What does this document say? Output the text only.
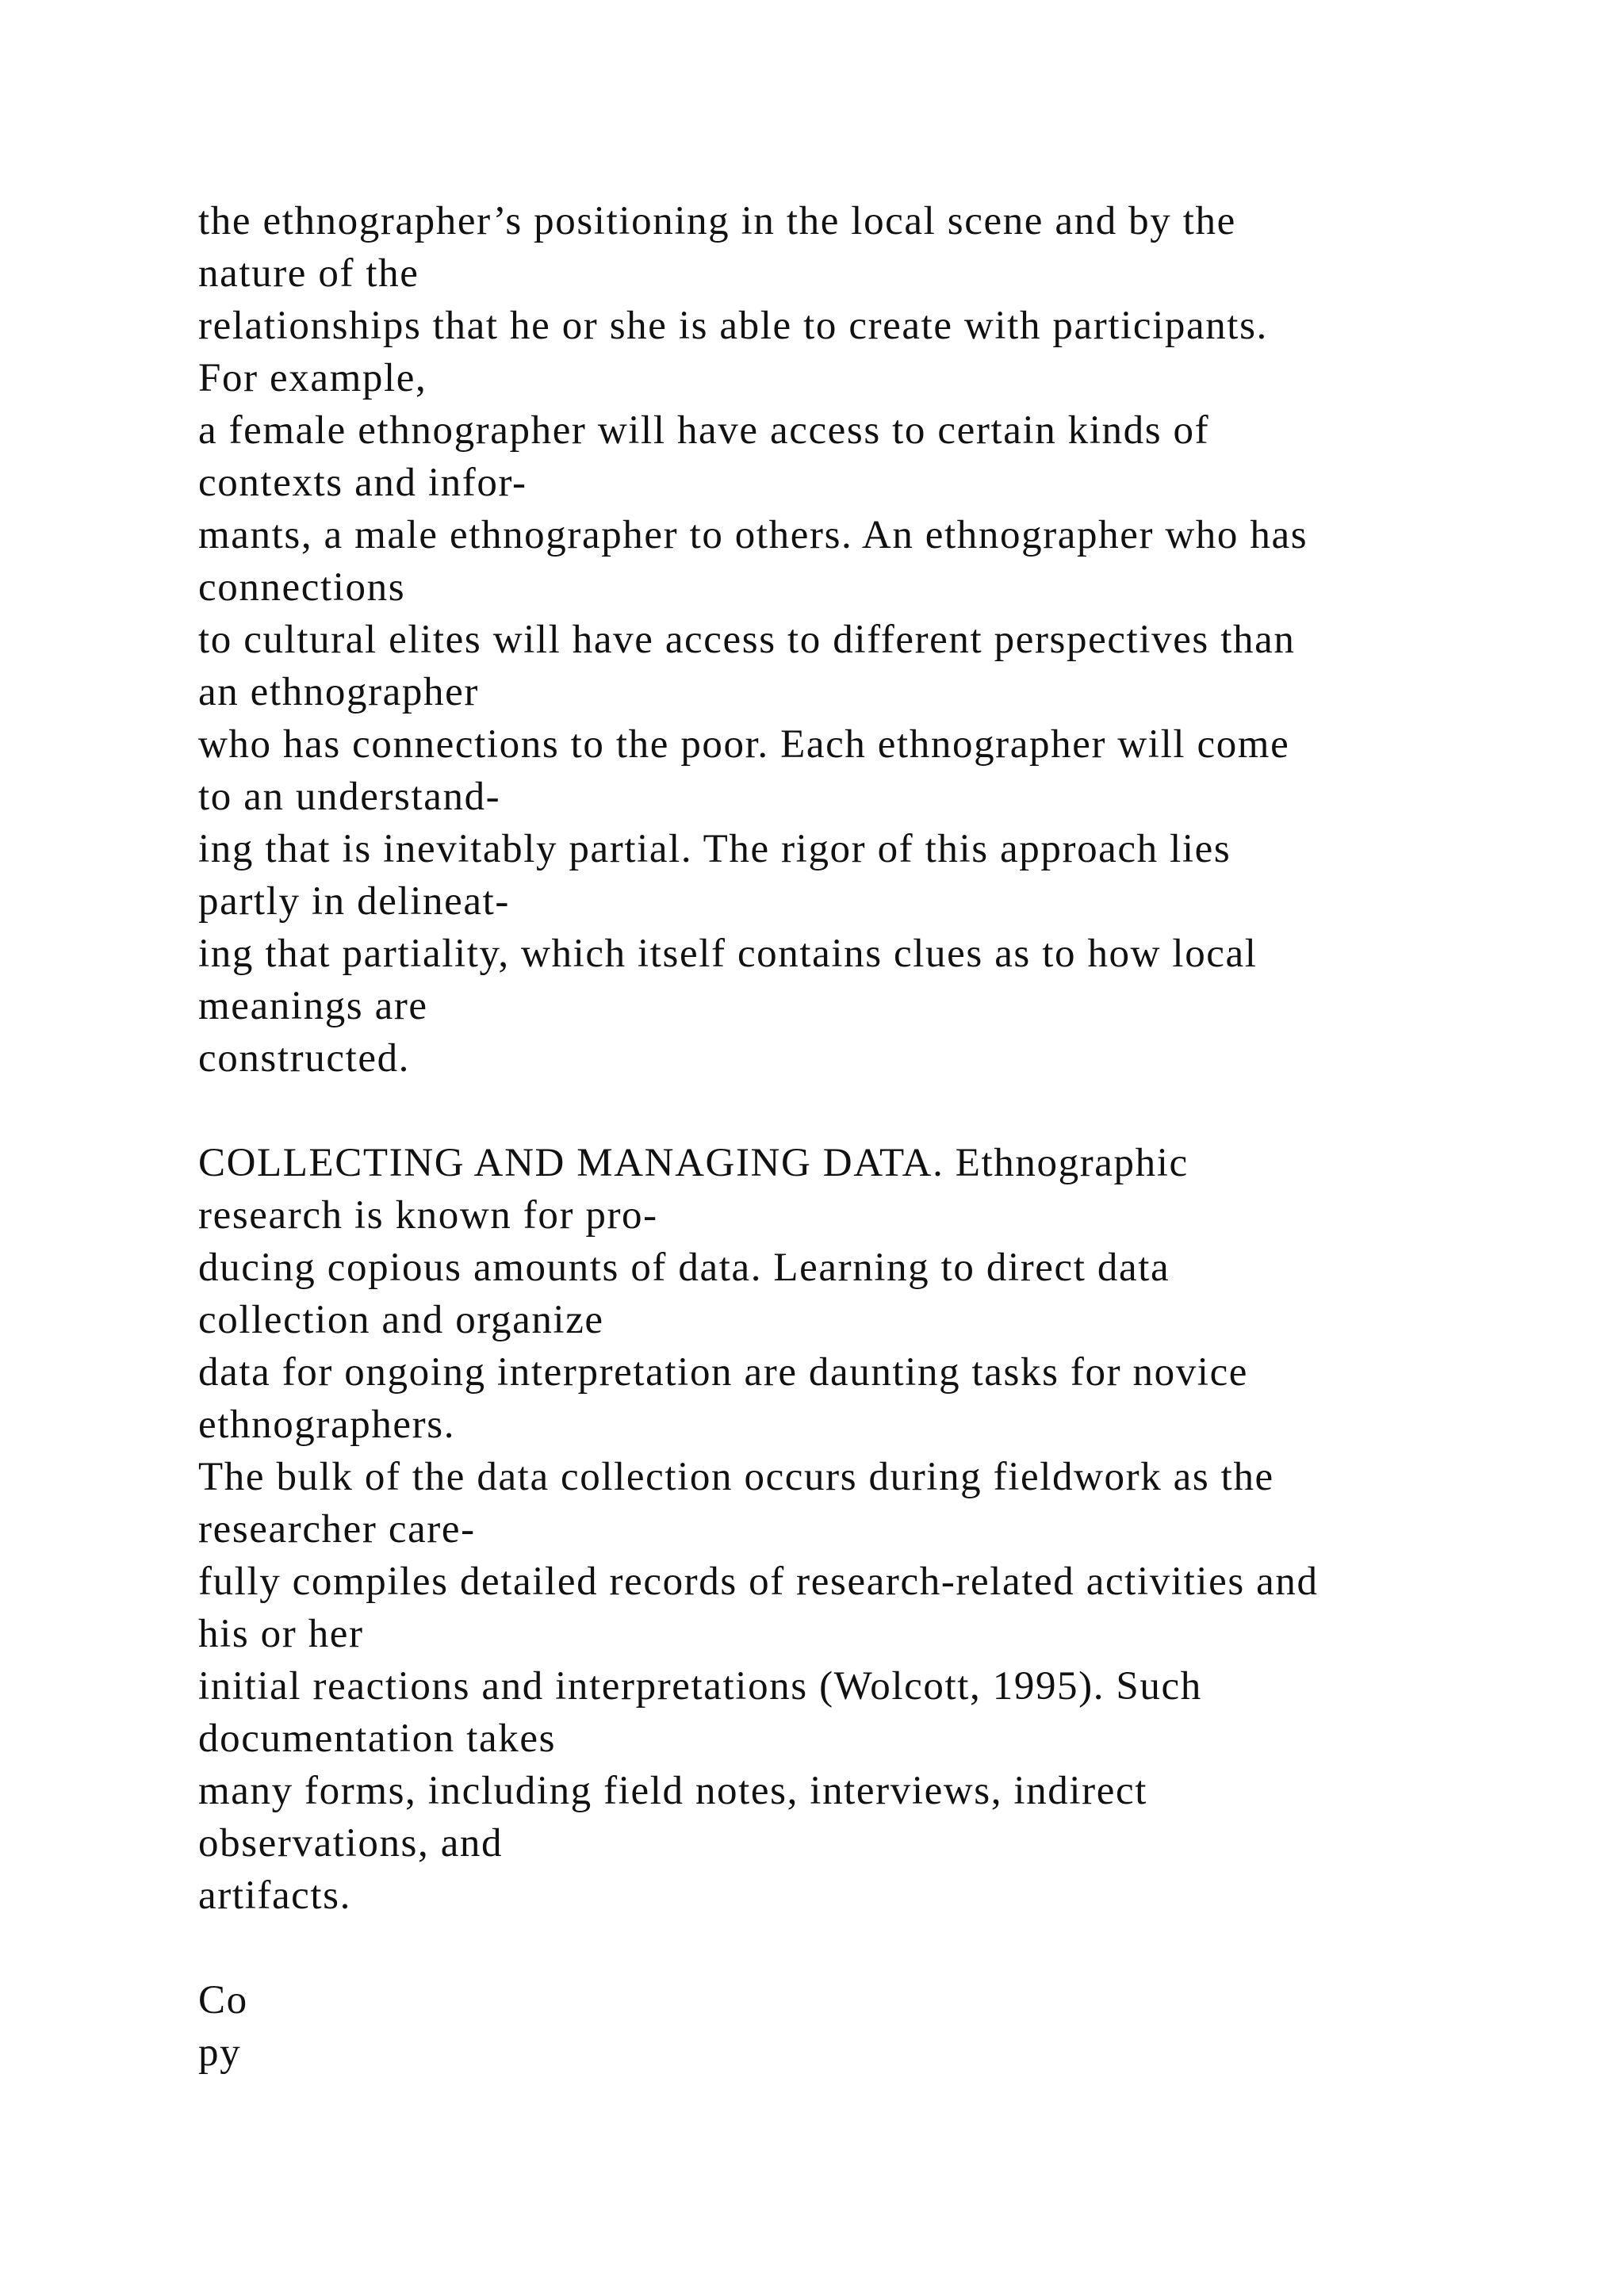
the ethnographer’s positioning in the local scene and by the
nature of the
relationships that he or she is able to create with participants.
For example,
a female ethnographer will have access to certain kinds of
contexts and infor-
mants, a male ethnographer to others. An ethnographer who has
connections
to cultural elites will have access to different perspectives than
an ethnographer
who has connections to the poor. Each ethnographer will come
to an understand-
ing that is inevitably partial. The rigor of this approach lies
partly in delineat-
ing that partiality, which itself contains clues as to how local
meanings are
constructed.
COLLECTING AND MANAGING DATA. Ethnographic
research is known for pro-
ducing copious amounts of data. Learning to direct data
collection and organize
data for ongoing interpretation are daunting tasks for novice
ethnographers.
The bulk of the data collection occurs during fieldwork as the
researcher care-
fully compiles detailed records of research-related activities and
his or her
initial reactions and interpretations (Wolcott, 1995). Such
documentation takes
many forms, including field notes, interviews, indirect
observations, and
artifacts.
Co
py
